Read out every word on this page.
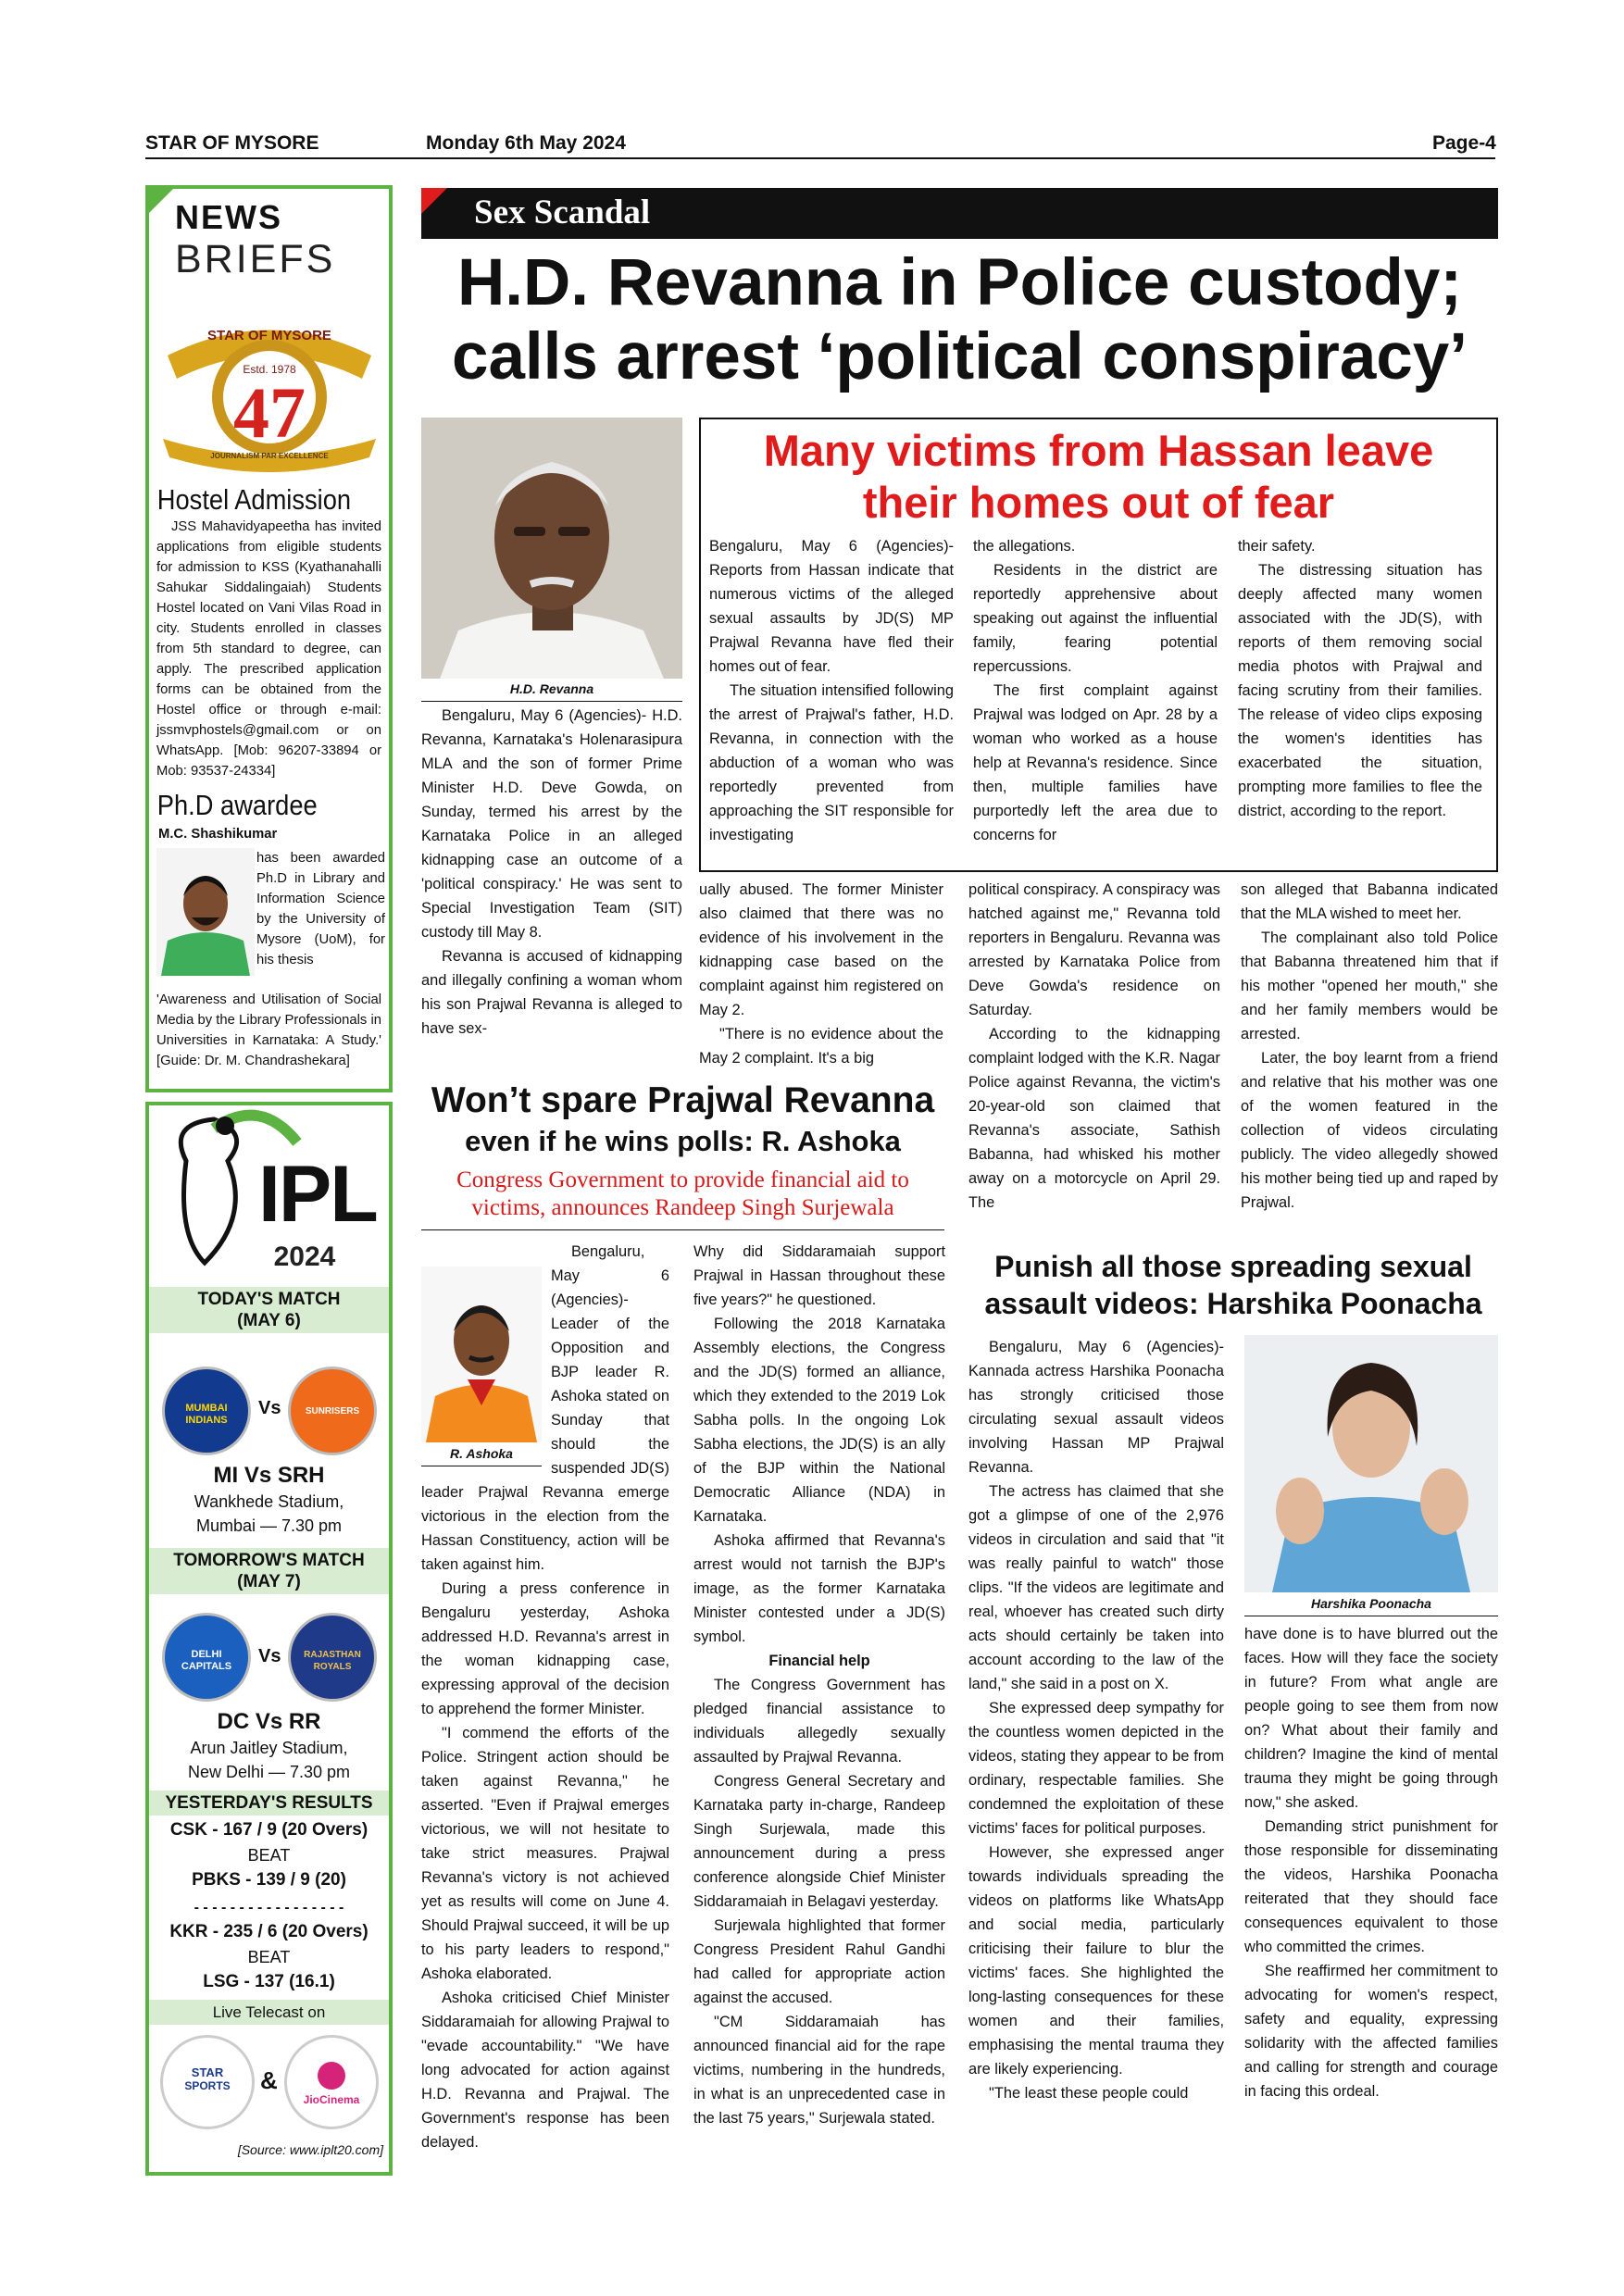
STAR OF MYSORE	Monday 6th May 2024	Page-4
Sex Scandal
H.D. Revanna in Police custody;
calls arrest ‘political conspiracy’
H.D. Revanna
Many victims from Hassan leave their homes out of fear

Bengaluru, May 6 (Agencies)- Reports from Hassan indicate that numerous victims of the alleged sexual assaults by JD(S) MP Prajwal Revanna have fled their homes out of fear.

The situation intensified following the arrest of Prajwal's father, H.D. Revanna, in connection with the abduction of a woman who was reportedly prevented from approaching the SIT responsible for investigating

the allegations.

Residents in the district are reportedly apprehensive about speaking out against the influential family, fearing potential repercussions.

The first complaint against Prajwal was lodged on Apr. 28 by a woman who worked as a house help at Revanna's residence. Since then, multiple families have purportedly left the area due to concerns for

their safety.

The distressing situation has deeply affected many women associated with the JD(S), with reports of them removing social media photos with Prajwal and facing scrutiny from their families. The release of video clips exposing the women's identities has exacerbated the situation, prompting more families to flee the district, according to the report.

Bengaluru, May 6 (Agencies)- H.D. Revanna, Karnataka's Holenarasipura MLA and the son of former Prime Minister H.D. Deve Gowda, on Sunday, termed his arrest by the Karnataka Police in an alleged kidnapping case an outcome of a 'political conspiracy.' He was sent to Special Investigation Team (SIT) custody till May 8.

Revanna is accused of kidnapping and illegally confining a woman whom his son Prajwal Revanna is alleged to have sex-

ually abused. The former Minister also claimed that there was no evidence of his involvement in the kidnapping case based on the complaint against him registered on May 2.

"There is no evidence about the May 2 complaint. It's a big

political conspiracy. A conspiracy was hatched against me," Revanna told reporters in Bengaluru. Revanna was arrested by Karnataka Police from Deve Gowda's residence on Saturday.

According to the kidnapping complaint lodged with the K.R. Nagar Police against Revanna, the victim's 20-year-old son claimed that Revanna's associate, Sathish Babanna, had whisked his mother away on a motorcycle on April 29. The

son alleged that Babanna indicated that the MLA wished to meet her.

The complainant also told Police that Babanna threatened him that if his mother "opened her mouth," she and her family members would be arrested.

Later, the boy learnt from a friend and relative that his mother was one of the women featured in the collection of videos circulating publicly. The video allegedly showed his mother being tied up and raped by Prajwal.

Won’t spare Prajwal Revanna
even if he wins polls: R. Ashoka
Congress Government to provide financial aid to victims, announces Randeep Singh Surjewala
R. Ashoka

Bengaluru, May 6 (Agencies)- Leader of the Opposition and BJP leader R. Ashoka stated on Sunday that should the suspended JD(S) leader Prajwal Revanna emerge victorious in the election from the Hassan Constituency, action will be taken against him.

During a press conference in Bengaluru yesterday, Ashoka addressed H.D. Revanna's arrest in the woman kidnapping case, expressing approval of the decision to apprehend the former Minister.

"I commend the efforts of the Police. Stringent action should be taken against Revanna," he asserted. "Even if Prajwal emerges victorious, we will not hesitate to take strict measures. Prajwal Revanna's victory is not achieved yet as results will come on June 4. Should Prajwal succeed, it will be up to his party leaders to respond," Ashoka elaborated.

Ashoka criticised Chief Minister Siddaramaiah for allowing Prajwal to "evade accountability." "We have long advocated for action against H.D. Revanna and Prajwal. The Government's response has been delayed.

Why did Siddaramaiah support Prajwal in Hassan throughout these five years?" he questioned.

Following the 2018 Karnataka Assembly elections, the Congress and the JD(S) formed an alliance, which they extended to the 2019 Lok Sabha polls. In the ongoing Lok Sabha elections, the JD(S) is an ally of the BJP within the National Democratic Alliance (NDA) in Karnataka.

Ashoka affirmed that Revanna's arrest would not tarnish the BJP's image, as the former Karnataka Minister contested under a JD(S) symbol.

Financial help

The Congress Government has pledged financial assistance to individuals allegedly sexually assaulted by Prajwal Revanna.

Congress General Secretary and Karnataka party in-charge, Randeep Singh Surjewala, made this announcement during a press conference alongside Chief Minister Siddaramaiah in Belagavi yesterday.

Surjewala highlighted that former Congress President Rahul Gandhi had called for appropriate action against the accused.

"CM Siddaramaiah has announced financial aid for the rape victims, numbering in the hundreds, in what is an unprecedented case in the last 75 years," Surjewala stated.

Punish all those spreading sexual assault videos: Harshika Poonacha
Harshika Poonacha

Bengaluru, May 6 (Agencies)- Kannada actress Harshika Poonacha has strongly criticised those circulating sexual assault videos involving Hassan MP Prajwal Revanna.

The actress has claimed that she got a glimpse of one of the 2,976 videos in circulation and said that "it was really painful to watch" those clips. "If the videos are legitimate and real, whoever has created such dirty acts should certainly be taken into account according to the law of the land," she said in a post on X.

She expressed deep sympathy for the countless women depicted in the videos, stating they appear to be from ordinary, respectable families. She condemned the exploitation of these victims' faces for political purposes.

However, she expressed anger towards individuals spreading the videos on platforms like WhatsApp and social media, particularly criticising their failure to blur the victims' faces. She highlighted the long-lasting consequences for these women and their families, emphasising the mental trauma they are likely experiencing.

"The least these people could

have done is to have blurred out the faces. How will they face the society in future? From what angle are people going to see them from now on? What about their family and children? Imagine the kind of mental trauma they might be going through now," she asked.

Demanding strict punishment for those responsible for disseminating the videos, Harshika Poonacha reiterated that they should face consequences equivalent to those who committed the crimes.

She reaffirmed her commitment to advocating for women's respect, safety and equality, expressing solidarity with the affected families and calling for strength and courage in facing this ordeal.

NEWS
BRIEFS
STAR OF MYSORE
Estd. 1978
47
JOURNALISM PAR EXCELLENCE
Hostel Admission
JSS Mahavidyapeetha has invited applications from eligible students for admission to KSS (Kyathanahalli Sahukar Siddalingaiah) Students Hostel located on Vani Vilas Road in city. Students enrolled in classes from 5th standard to degree, can apply. The prescribed application forms can be obtained from the Hostel office or through e-mail: jssmvphostels@gmail.com or on WhatsApp. [Mob: 96207-33894 or Mob: 93537-24334]
Ph.D awardee
M.C. Shashikumar
has been awarded Ph.D in Library and Information Science by the University of Mysore (UoM), for his thesis
'Awareness and Utilisation of Social Media by the Library Professionals in Universities in Karnataka: A Study.' [Guide: Dr. M. Chandrashekara]
IPL
2024
TODAY'S MATCH
(MAY 6)
MUMBAI INDIANS
Vs	SUNRISERS
MI Vs SRH
Wankhede Stadium,
Mumbai — 7.30 pm
TOMORROW'S MATCH
(MAY 7)
DELHI CAPITALS	Vs	RAJASTHAN ROYALS
DC Vs RR
Arun Jaitley Stadium,
New Delhi — 7.30 pm
YESTERDAY'S RESULTS
CSK - 167 / 9 (20 Overs)
BEAT
PBKS - 139 / 9 (20)
- - - - - - - - - - - - - - - - -
KKR - 235 / 6 (20 Overs)
BEAT
LSG - 137 (16.1)
Live Telecast on
STAR
SPORTS	&
JioCinema
[Source: www.iplt20.com]
